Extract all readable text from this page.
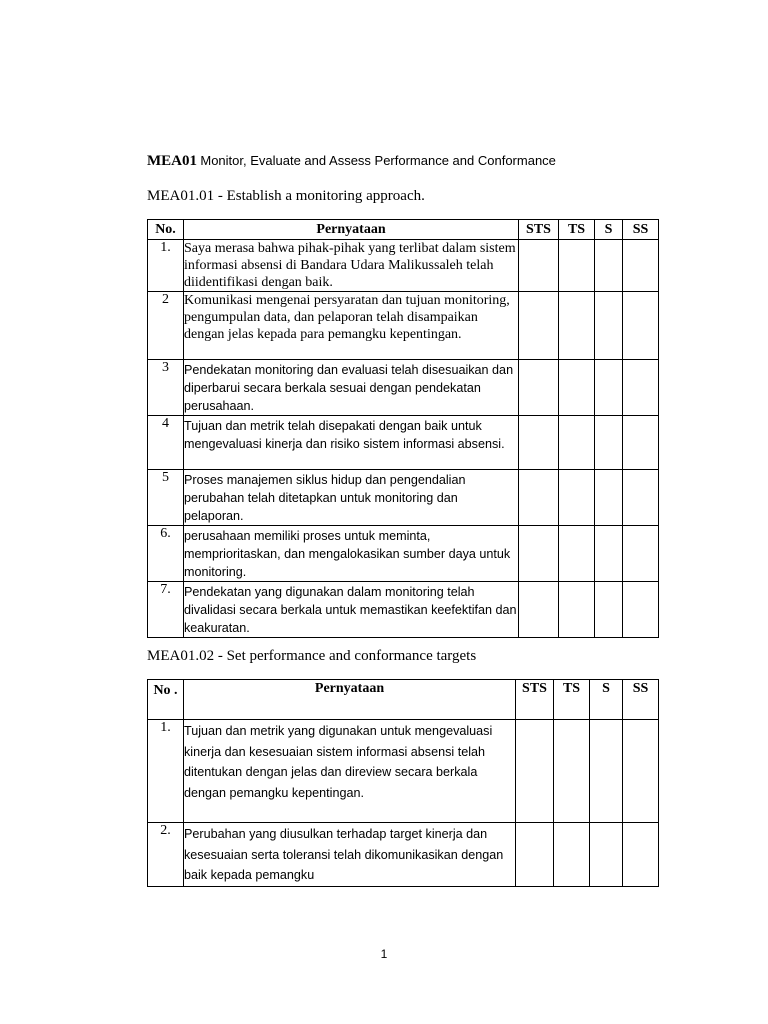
MEA01 Monitor, Evaluate and Assess Performance and Conformance
MEA01.01 - Establish a monitoring approach.
No.	Pernyataan	STS	TS	S	SS
1.	Saya merasa bahwa pihak-pihak yang terlibat dalam sistem informasi absensi di Bandara Udara Malikussaleh telah diidentifikasi dengan baik.				

2	Komunikasi mengenai persyaratan dan tujuan monitoring, pengumpulan data, dan pelaporan telah disampaikan dengan jelas kepada para pemangku kepentingan.				

3	Pendekatan monitoring dan evaluasi telah disesuaikan dan diperbarui secara berkala sesuai dengan pendekatan perusahaan.				

4	Tujuan dan metrik telah disepakati dengan baik untuk mengevaluasi kinerja dan risiko sistem informasi absensi.				

5	Proses manajemen siklus hidup dan pengendalian perubahan telah ditetapkan untuk monitoring dan pelaporan.				

6.	perusahaan memiliki proses untuk meminta, memprioritaskan, dan mengalokasikan sumber daya untuk monitoring.				

7.	Pendekatan yang digunakan dalam monitoring telah divalidasi secara berkala untuk memastikan keefektifan dan keakuratan.				

MEA01.02 - Set performance and conformance targets
No .	Pernyataan	STS	TS	S	SS
1.	Tujuan dan metrik yang digunakan untuk mengevaluasi kinerja dan kesesuaian sistem informasi absensi telah ditentukan dengan jelas dan direview secara berkala dengan pemangku kepentingan.				

2.	Perubahan yang diusulkan terhadap target kinerja dan kesesuaian serta toleransi telah dikomunikasikan dengan baik kepada pemangku				

1
